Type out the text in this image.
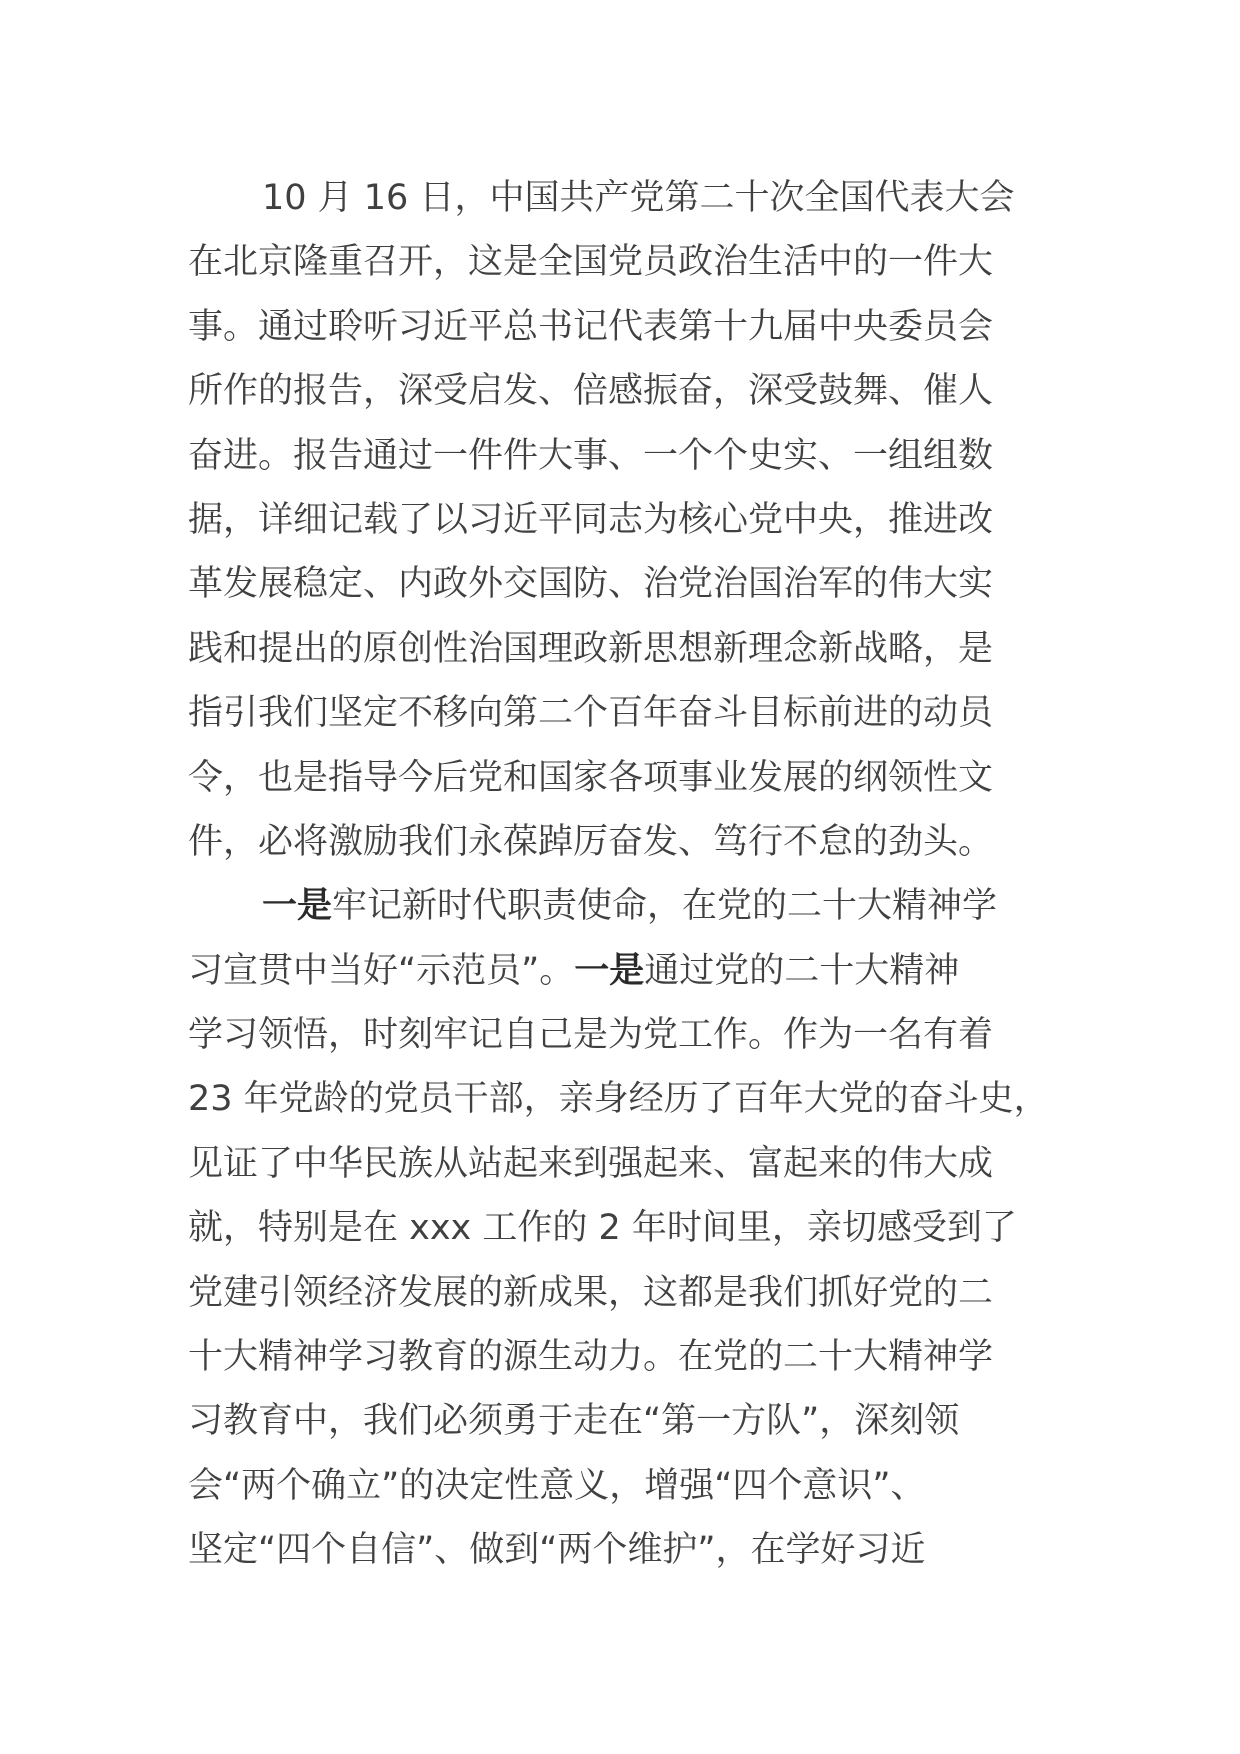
10 月 16 日，中国共产党第二十次全国代表大会
在北京隆重召开，这是全国党员政治生活中的一件大
事。通过聆听习近平总书记代表第十九届中央委员会
所作的报告，深受启发、倍感振奋，深受鼓舞、催人
奋进。报告通过一件件大事、一个个史实、一组组数
据，详细记载了以习近平同志为核心党中央，推进改
革发展稳定、内政外交国防、治党治国治军的伟大实
践和提出的原创性治国理政新思想新理念新战略，是
指引我们坚定不移向第二个百年奋斗目标前进的动员
令，也是指导今后党和国家各项事业发展的纲领性文
件，必将激励我们永葆踔厉奋发、笃行不怠的劲头。
一是牢记新时代职责使命，在党的二十大精神学
习宣贯中当好“示范员”。一是通过党的二十大精神
学习领悟，时刻牢记自己是为党工作。作为一名有着
23 年党龄的党员干部，亲身经历了百年大党的奋斗史，
见证了中华民族从站起来到强起来、富起来的伟大成
就，特别是在 xxx 工作的 2 年时间里，亲切感受到了
党建引领经济发展的新成果，这都是我们抓好党的二
十大精神学习教育的源生动力。在党的二十大精神学
习教育中，我们必须勇于走在“第一方队”，深刻领
会“两个确立”的决定性意义，增强“四个意识”、
坚定“四个自信”、做到“两个维护”，在学好习近
